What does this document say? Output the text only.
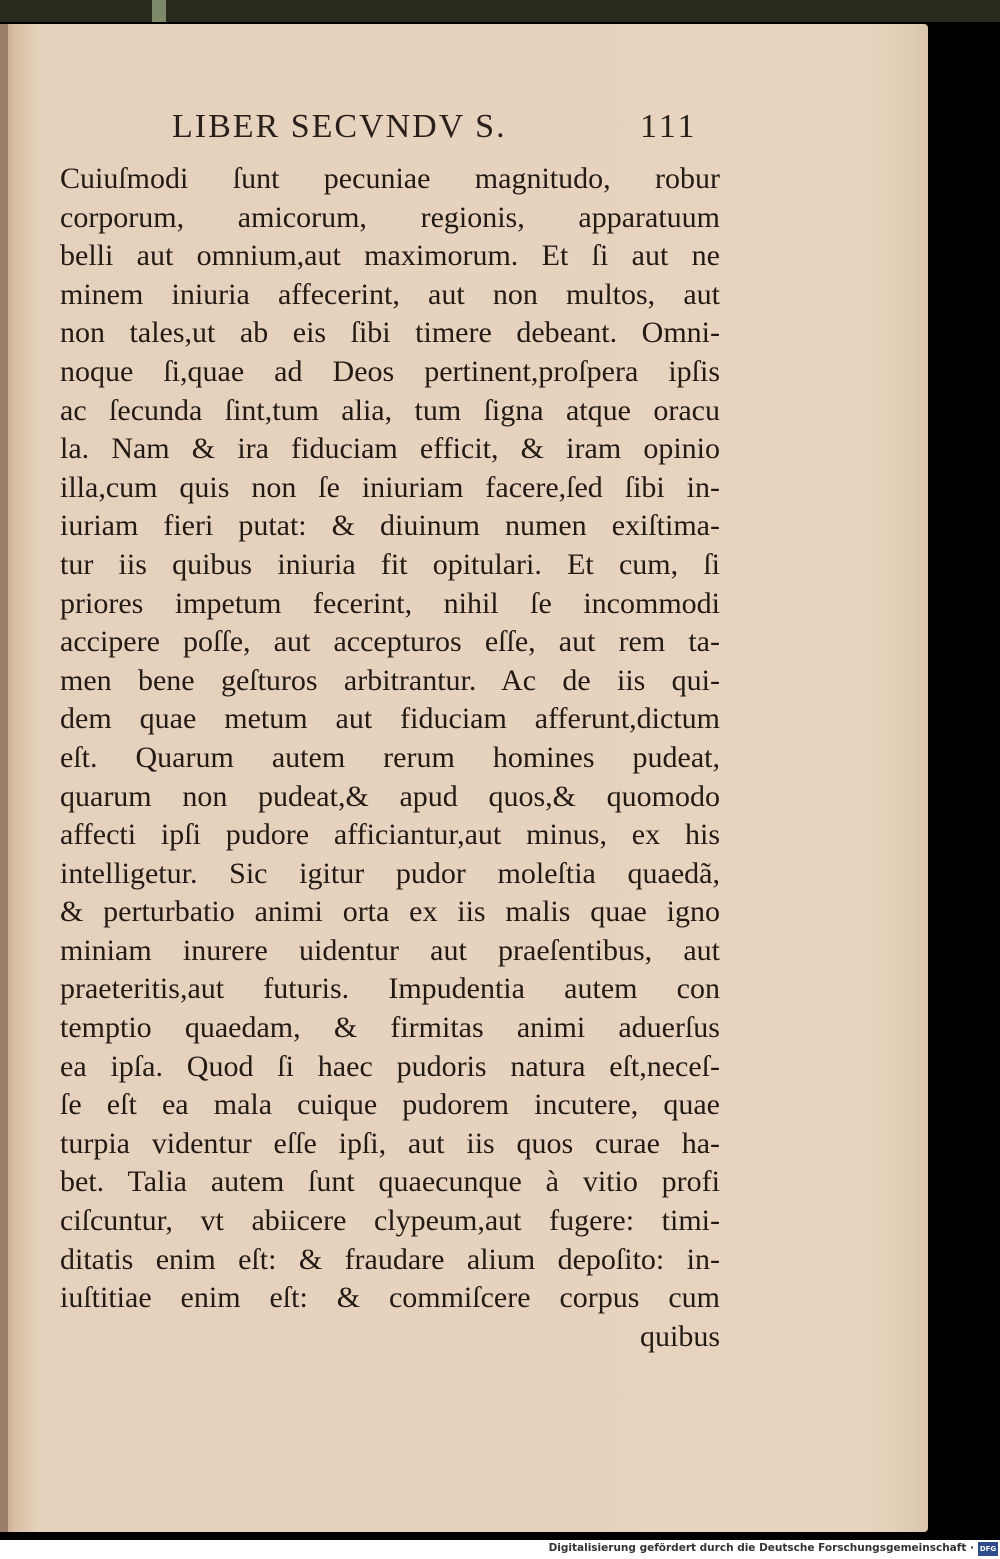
LIBER SECVNDV S.	111
Cuiuſmodi ſunt pecuniae magnitudo, robur
corporum, amicorum, regionis, apparatuum
belli aut omnium,aut maximorum. Et ſi aut ne
minem iniuria affecerint, aut non multos, aut
non tales,ut ab eis ſibi timere debeant. Omni-
noque ſi,quae ad Deos pertinent,proſpera ipſis
ac ſecunda ſint,tum alia, tum ſigna atque oracu
la. Nam & ira fiduciam efficit, & iram opinio
illa,cum quis non ſe iniuriam facere,ſed ſibi in-
iuriam fieri putat: & diuinum numen exiſtima-
tur iis quibus iniuria fit opitulari. Et cum, ſi
priores impetum fecerint, nihil ſe incommodi
accipere poſſe, aut accepturos eſſe, aut rem ta-
men bene geſturos arbitrantur. Ac de iis qui-
dem quae metum aut fiduciam afferunt,dictum
eſt. Quarum autem rerum homines pudeat,
quarum non pudeat,& apud quos,& quomodo
affecti ipſi pudore afficiantur,aut minus, ex his
intelligetur. Sic igitur pudor moleſtia quaedã,
& perturbatio animi orta ex iis malis quae igno
miniam inurere uidentur aut praeſentibus, aut
praeteritis,aut futuris. Impudentia autem con
temptio quaedam, & firmitas animi aduerſus
ea ipſa. Quod ſi haec pudoris natura eſt,neceſ-
ſe eſt ea mala cuique pudorem incutere, quae
turpia videntur eſſe ipſi, aut iis quos curae ha-
bet. Talia autem ſunt quaecunque à vitio profi
ciſcuntur, vt abiicere clypeum,aut fugere: timi-
ditatis enim eſt: & fraudare alium depoſito: in-
iuſtitiae enim eſt: & commiſcere corpus cum
quibus
Digitalisierung gefördert durch die Deutsche Forschungsgemeinschaft · DFG
